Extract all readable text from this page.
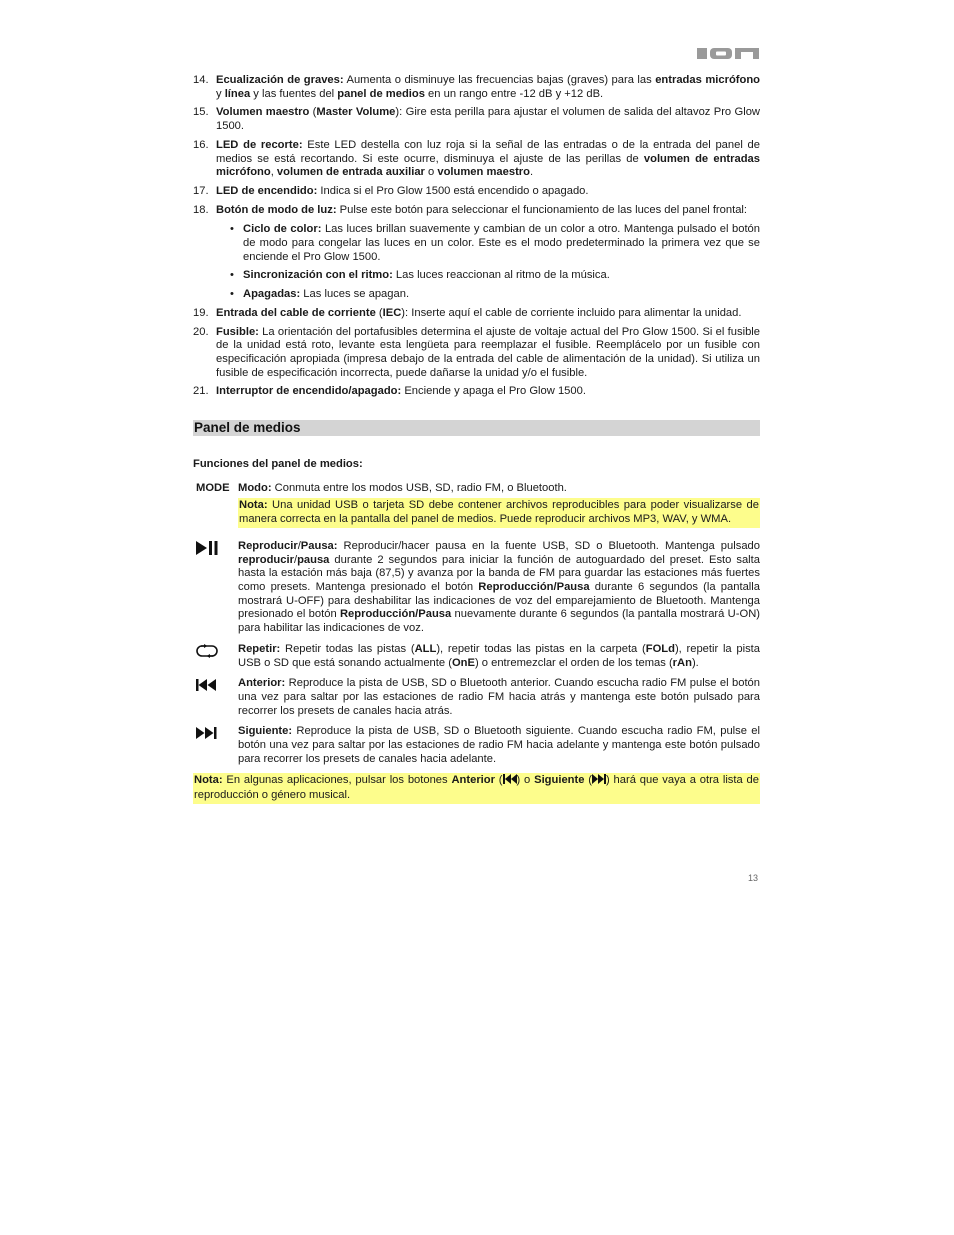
14. Ecualización de graves: Aumenta o disminuye las frecuencias bajas (graves) para las entradas micrófono y línea y las fuentes del panel de medios en un rango entre -12 dB y +12 dB.
15. Volumen maestro (Master Volume): Gire esta perilla para ajustar el volumen de salida del altavoz Pro Glow 1500.
16. LED de recorte: Este LED destella con luz roja si la señal de las entradas o de la entrada del panel de medios se está recortando. Si este ocurre, disminuya el ajuste de las perillas de volumen de entradas micrófono, volumen de entrada auxiliar o volumen maestro.
17. LED de encendido: Indica si el Pro Glow 1500 está encendido o apagado.
18. Botón de modo de luz: Pulse este botón para seleccionar el funcionamiento de las luces del panel frontal:
• Ciclo de color: Las luces brillan suavemente y cambian de un color a otro. Mantenga pulsado el botón de modo para congelar las luces en un color. Este es el modo predeterminado la primera vez que se enciende el Pro Glow 1500.
• Sincronización con el ritmo: Las luces reaccionan al ritmo de la música.
• Apagadas: Las luces se apagan.
19. Entrada del cable de corriente (IEC): Inserte aquí el cable de corriente incluido para alimentar la unidad.
20. Fusible: La orientación del portafusibles determina el ajuste de voltaje actual del Pro Glow 1500. Si el fusible de la unidad está roto, levante esta lengüeta para reemplazar el fusible. Reemplácelo por un fusible con especificación apropiada (impresa debajo de la entrada del cable de alimentación de la unidad). Si utiliza un fusible de especificación incorrecta, puede dañarse la unidad y/o el fusible.
21. Interruptor de encendido/apagado: Enciende y apaga el Pro Glow 1500.
Panel de medios
Funciones del panel de medios:
MODE Modo: Conmuta entre los modos USB, SD, radio FM, o Bluetooth.
Nota: Una unidad USB o tarjeta SD debe contener archivos reproducibles para poder visualizarse de manera correcta en la pantalla del panel de medios. Puede reproducir archivos MP3, WAV, y WMA.
Reproducir/Pausa: Reproducir/hacer pausa en la fuente USB, SD o Bluetooth. Mantenga pulsado reproducir/pausa durante 2 segundos para iniciar la función de autoguardado del preset. Esto salta hasta la estación más baja (87,5) y avanza por la banda de FM para guardar las estaciones más fuertes como presets. Mantenga presionado el botón Reproducción/Pausa durante 6 segundos (la pantalla mostrará U-OFF) para deshabilitar las indicaciones de voz del emparejamiento de Bluetooth. Mantenga presionado el botón Reproducción/Pausa nuevamente durante 6 segundos (la pantalla mostrará U-ON) para habilitar las indicaciones de voz.
Repetir: Repetir todas las pistas (ALL), repetir todas las pistas en la carpeta (FOLd), repetir la pista USB o SD que está sonando actualmente (OnE) o entremezclar el orden de los temas (rAn).
Anterior: Reproduce la pista de USB, SD o Bluetooth anterior. Cuando escucha radio FM pulse el botón una vez para saltar por las estaciones de radio FM hacia atrás y mantenga este botón pulsado para recorrer los presets de canales hacia atrás.
Siguiente: Reproduce la pista de USB, SD o Bluetooth siguiente. Cuando escucha radio FM, pulse el botón una vez para saltar por las estaciones de radio FM hacia adelante y mantenga este botón pulsado para recorrer los presets de canales hacia adelante.
Nota: En algunas aplicaciones, pulsar los botones Anterior ( ) o Siguiente ( ) hará que vaya a otra lista de reproducción o género musical.
13
